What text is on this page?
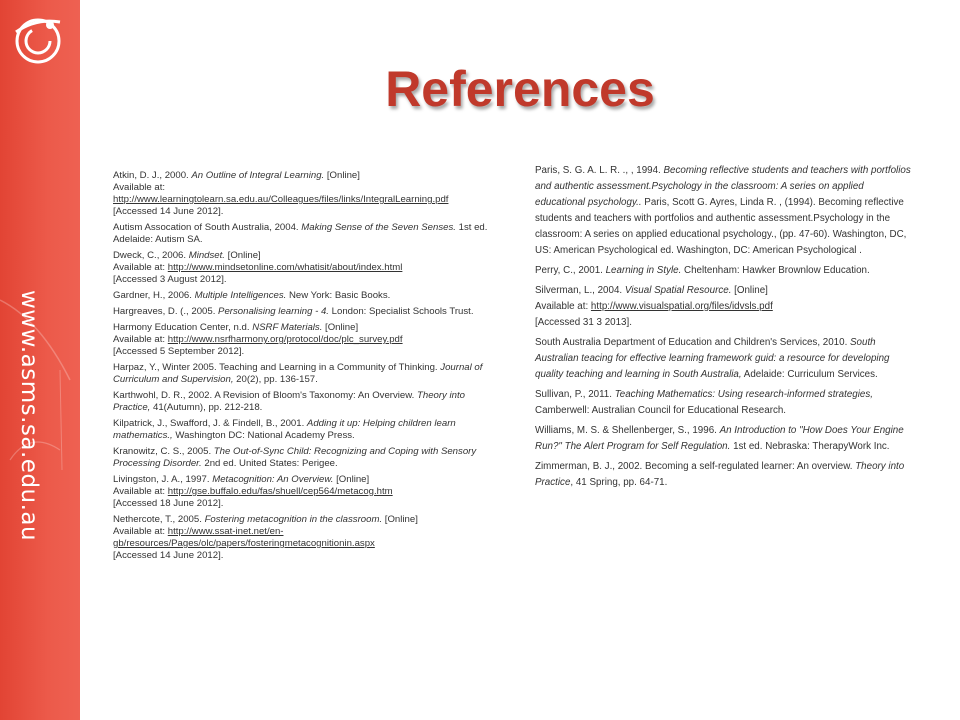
www.asms.sa.edu.au
References

Atkin, D. J., 2000. An Outline of Integral Learning. [Online]
Available at: http://www.learningtolearn.sa.edu.au/Colleagues/files/links/IntegralLearning.pdf
[Accessed 14 June 2012].

Autism Assocation of South Australia, 2004. Making Sense of the Seven Senses. 1st ed. Adelaide: Autism SA.

Dweck, C., 2006. Mindset. [Online]
Available at: http://www.mindsetonline.com/whatisit/about/index.html
[Accessed 3 August 2012].

Gardner, H., 2006. Multiple Intelligences. New York: Basic Books.

Hargreaves, D. (., 2005. Personalising learning - 4. London: Specialist Schools Trust.

Harmony Education Center, n.d. NSRF Materials. [Online]
Available at: http://www.nsrfharmony.org/protocol/doc/plc_survey.pdf
[Accessed 5 September 2012].

Harpaz, Y., Winter 2005. Teaching and Learning in a Community of Thinking. Journal of Curriculum and Supervision, 20(2), pp. 136-157.

Karthwohl, D. R., 2002. A Revision of Bloom's Taxonomy: An Overview. Theory into Practice, 41(Autumn), pp. 212-218.

Kilpatrick, J., Swafford, J. & Findell, B., 2001. Adding it up: Helping children learn mathematics., Washington DC: National Academy Press.

Kranowitz, C. S., 2005. The Out-of-Sync Child: Recognizing and Coping with Sensory Processing Disorder. 2nd ed. United States: Perigee.

Livingston, J. A., 1997. Metacognition: An Overview. [Online]
Available at: http://gse.buffalo.edu/fas/shuell/cep564/metacog.htm
[Accessed 18 June 2012].

Nethercote, T., 2005. Fostering metacognition in the classroom. [Online]
Available at: http://www.ssat-inet.net/en-gb/resources/Pages/olc/papers/fosteringmetacognitionin.aspx
[Accessed 14 June 2012].

Paris, S. G. A. L. R. ., , 1994. Becoming reflective students and teachers with portfolios and authentic assessment.Psychology in the classroom: A series on applied educational psychology.. Paris, Scott G. Ayres, Linda R. , (1994). Becoming reflective students and teachers with portfolios and authentic assessment.Psychology in the classroom: A series on applied educational psychology., (pp. 47-60). Washington, DC, US: American Psychological ed. Washington, DC: American Psychological .

Perry, C., 2001. Learning in Style. Cheltenham: Hawker Brownlow Education.

Silverman, L., 2004. Visual Spatial Resource. [Online]
Available at: http://www.visualspatial.org/files/idvsls.pdf
[Accessed 31 3 2013].

South Australia Department of Education and Children's Services, 2010. South Australian teacing for effective learning framework guid: a resource for developing quality teaching and learning in South Australia, Adelaide: Curriculum Services.

Sullivan, P., 2011. Teaching Mathematics: Using research-informed strategies, Camberwell: Australian Council for Educational Research.

Williams, M. S. & Shellenberger, S., 1996. An Introduction to "How Does Your Engine Run?" The Alert Program for Self Regulation. 1st ed. Nebraska: TherapyWork Inc.

Zimmerman, B. J., 2002. Becoming a self-regulated learner: An overview. Theory into Practice, 41 Spring, pp. 64-71.
